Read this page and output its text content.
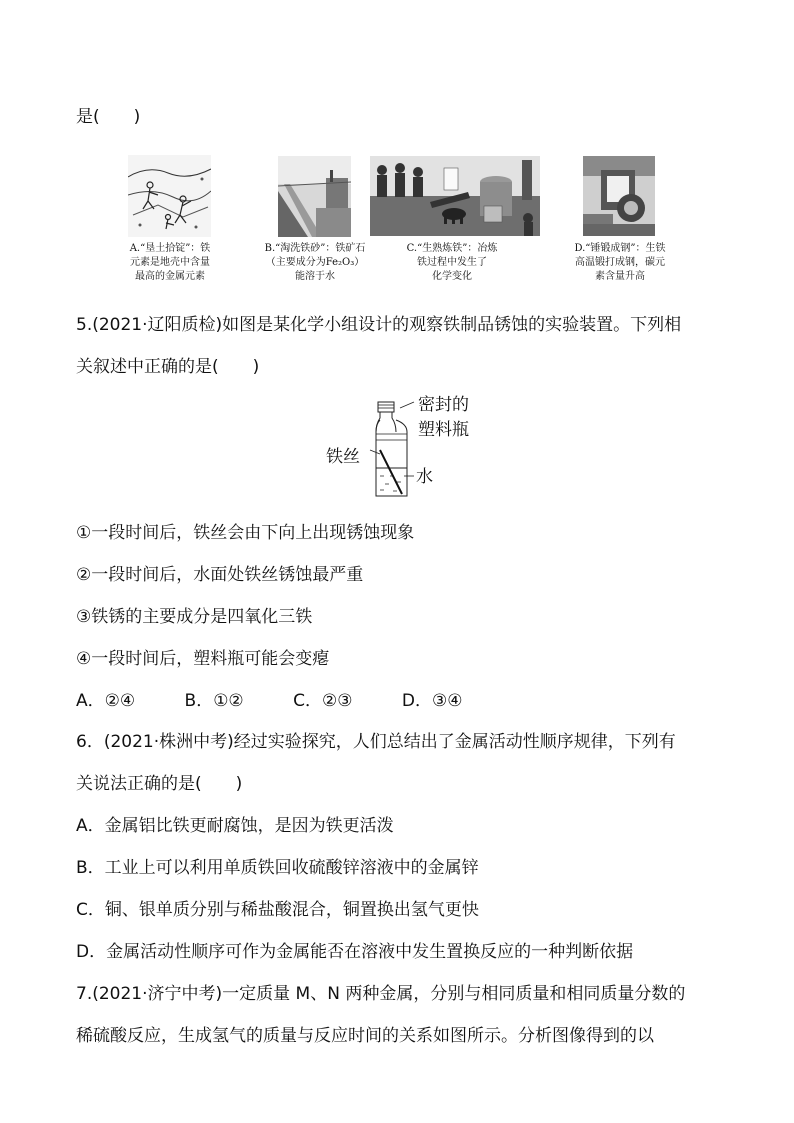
是(　　)
A.“垦土拾锭”：铁
元素是地壳中含量
最高的金属元素
B.“淘洗铁砂”：铁矿石
（主要成分为Fe₂O₃）
能溶于水
C.“生熟炼铁”：冶炼
铁过程中发生了
化学变化
D.“锤锻成钢”：生铁
高温锻打成钢，碳元
素含量升高
5.(2021·辽阳质检)如图是某化学小组设计的观察铁制品锈蚀的实验装置。下列相
关叙述中正确的是(　　)
密封的
塑料瓶
铁丝
水
①一段时间后，铁丝会由下向上出现锈蚀现象
②一段时间后，水面处铁丝锈蚀最严重
③铁锈的主要成分是四氧化三铁
④一段时间后，塑料瓶可能会变瘪
A．②④	B．①②	C．②③	D．③④
6．(2021·株洲中考)经过实验探究，人们总结出了金属活动性顺序规律，下列有
关说法正确的是(　　)
A．金属铝比铁更耐腐蚀，是因为铁更活泼
B．工业上可以利用单质铁回收硫酸锌溶液中的金属锌
C．铜、银单质分别与稀盐酸混合，铜置换出氢气更快
D．金属活动性顺序可作为金属能否在溶液中发生置换反应的一种判断依据
7.(2021·济宁中考)一定质量 M、N 两种金属，分别与相同质量和相同质量分数的
稀硫酸反应，生成氢气的质量与反应时间的关系如图所示。分析图像得到的以
